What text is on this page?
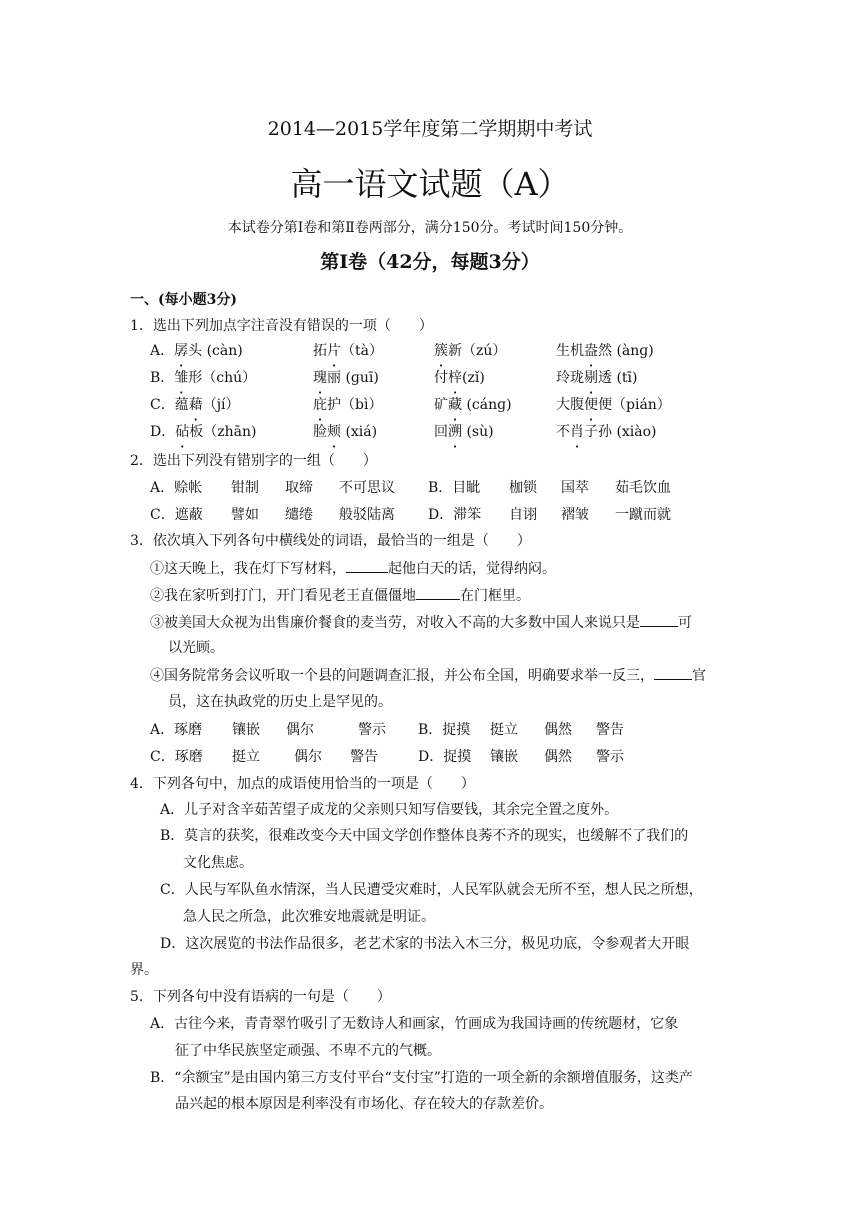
2014—2015学年度第二学期期中考试
高一语文试题（A）
本试卷分第Ⅰ卷和第Ⅱ卷两部分，满分150分。考试时间150分钟。
第Ⅰ卷（42分，每题3分）
一、(每小题3分)
1．选出下列加点字注音没有错误的一项（　　）
A．孱头 (càn)	拓片（tà）	簇新（zú）	生机盎然 (ànɡ)
B．雏形（chú）	瑰丽 (ɡuī)	付梓(zǐ)	玲珑剔透 (tī)
C．蕴藉（jí）	庇护（bì）	矿藏 (cánɡ)	大腹便便（pián）
D．砧板（zhān)	脸颊 (xiá)	回溯 (sù)	不肖子孙 (xiào)
2．选出下列没有错别字的一组（　　）
A．赊帐 钳制 取缔 不可思议 B．目眦 枷锁 国萃 茹毛饮血
C．遮蔽 譬如 缱绻 般驳陆离 D．滞笨 自诩 褶皱 一蹴而就
3．依次填入下列各句中横线处的词语，最恰当的一组是（　　）
①这天晚上，我在灯下写材料，	起他白天的话，觉得纳闷。
②我在家听到打门，开门看见老王直僵僵地	在门框里。
③被美国大众视为出售廉价餐食的麦当劳，对收入不高的大多数中国人来说只是	可
以光顾。
④国务院常务会议听取一个县的问题调查汇报，并公布全国，明确要求举一反三，	官
员，这在执政党的历史上是罕见的。
A．琢磨 镶嵌 偶尔	警示 B．捉摸 挺立 偶然 警告
C．琢磨 挺立 偶尔 警告	D．捉摸 镶嵌 偶然 警示
4．下列各句中，加点的成语使用恰当的一项是（　　）
A．儿子对含辛茹苦望子成龙的父亲则只知写信要钱，其余完全置之度外。
B．莫言的获奖，很难改变今天中国文学创作整体良莠不齐的现实，也缓解不了我们的
文化焦虑。
C．人民与军队鱼水情深，当人民遭受灾难时，人民军队就会无所不至，想人民之所想，
急人民之所急，此次雅安地震就是明证。
D．这次展览的书法作品很多，老艺术家的书法入木三分，极见功底，令参观者大开眼
界。
5．下列各句中没有语病的一句是（　　）
A．古往今来，青青翠竹吸引了无数诗人和画家，竹画成为我国诗画的传统题材，它象
征了中华民族坚定顽强、不卑不亢的气概。
B．“余额宝”是由国内第三方支付平台“支付宝”打造的一项全新的余额增值服务，这类产
品兴起的根本原因是利率没有市场化、存在较大的存款差价。
